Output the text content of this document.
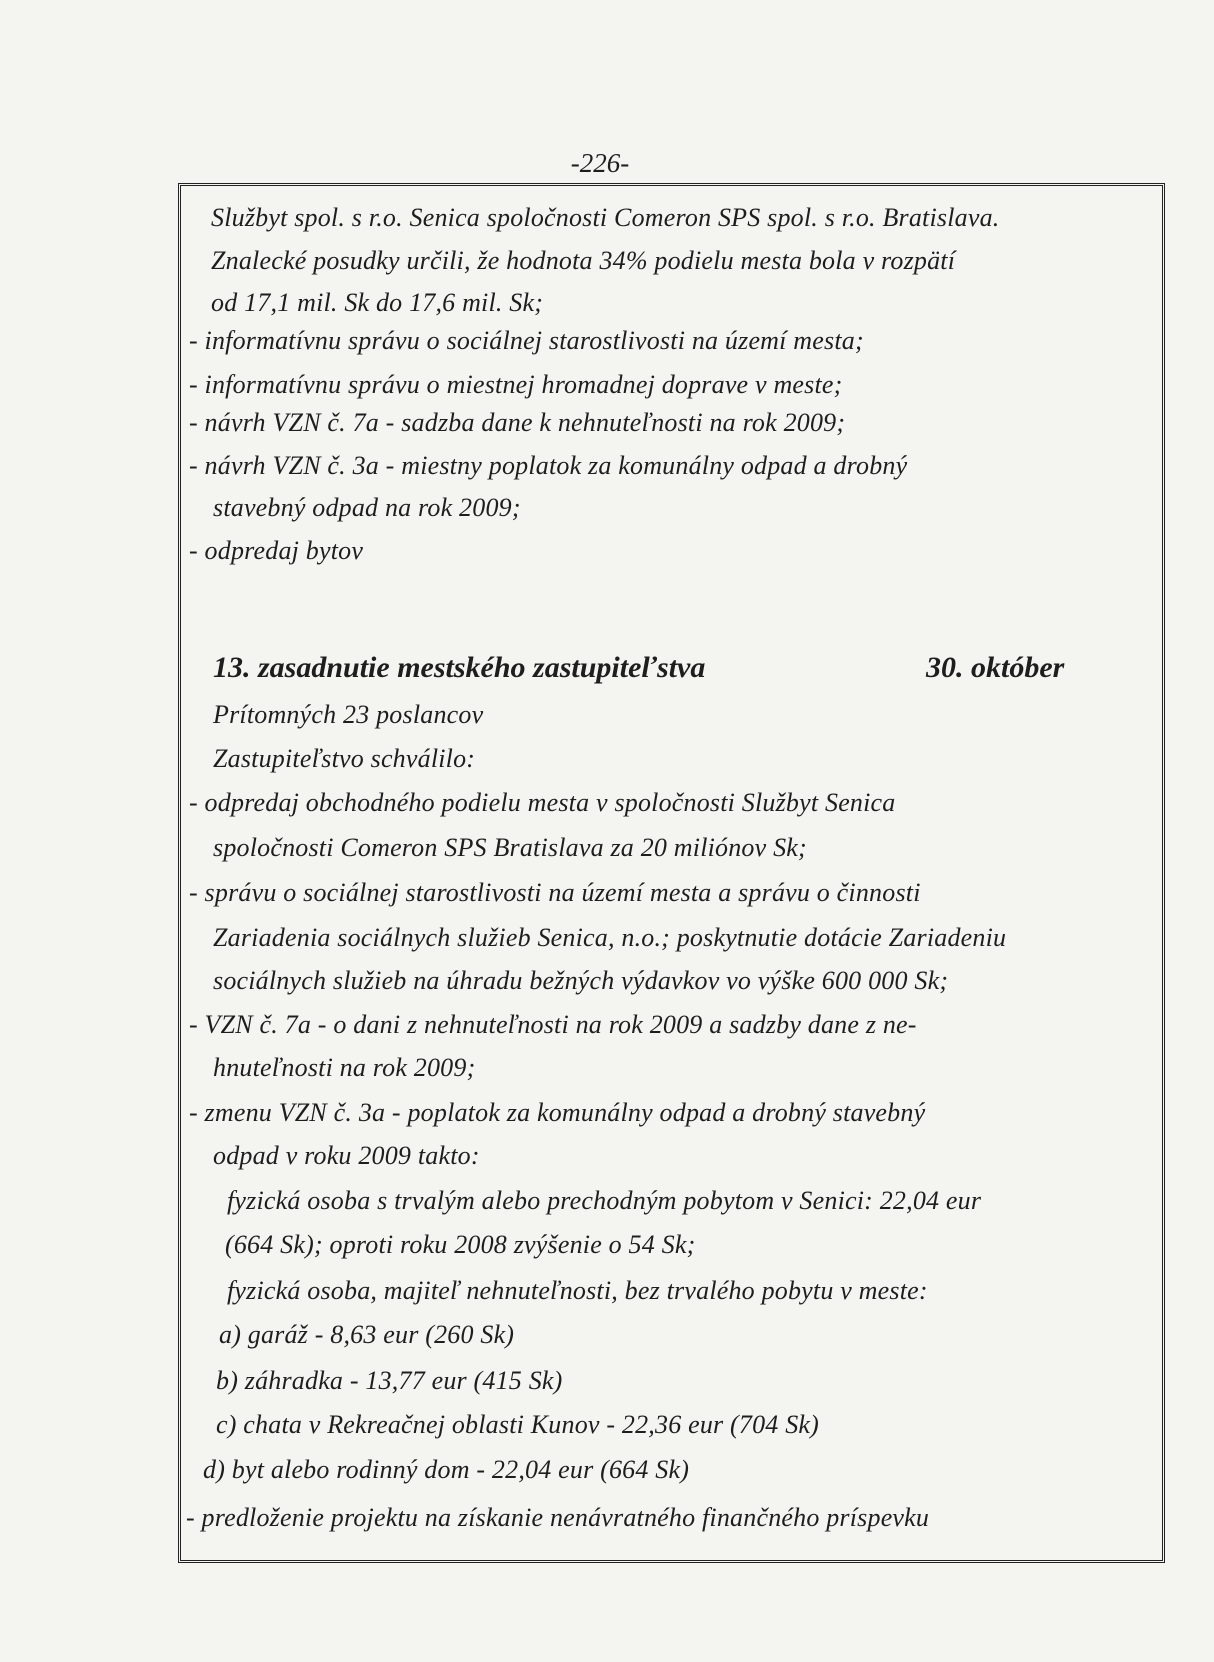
-226-
Službyt spol. s r.o. Senica spoločnosti Comeron SPS spol. s r.o. Bratislava.
Znalecké posudky určili, že hodnota 34% podielu mesta bola v rozpätí
od 17,1 mil. Sk do 17,6 mil. Sk;
- informatívnu správu o sociálnej starostlivosti na území mesta;
- informatívnu správu o miestnej hromadnej doprave v meste;
- návrh VZN č. 7a - sadzba dane k nehnuteľnosti na rok 2009;
- návrh VZN č. 3a - miestny poplatok za komunálny odpad a drobný
stavebný odpad na rok 2009;
- odpredaj bytov
13. zasadnutie mestského zastupiteľstva	30. október
Prítomných 23 poslancov
Zastupiteľstvo schválilo:
- odpredaj obchodného podielu mesta v spoločnosti Službyt Senica
spoločnosti Comeron SPS Bratislava za 20 miliónov Sk;
- správu o sociálnej starostlivosti na území mesta a správu o činnosti
Zariadenia sociálnych služieb Senica, n.o.; poskytnutie dotácie Zariadeniu
sociálnych služieb na úhradu bežných výdavkov vo výške 600 000 Sk;
- VZN č. 7a - o dani z nehnuteľnosti na rok 2009 a sadzby dane z ne-
hnuteľnosti na rok 2009;
- zmenu VZN č. 3a - poplatok za komunálny odpad a drobný stavebný
odpad v roku 2009 takto:
fyzická osoba s trvalým alebo prechodným pobytom v Senici: 22,04 eur
(664 Sk); oproti roku 2008 zvýšenie o 54 Sk;
fyzická osoba, majiteľ nehnuteľnosti, bez trvalého pobytu v meste:
a) garáž - 8,63 eur (260 Sk)
b) záhradka - 13,77 eur (415 Sk)
c) chata v Rekreačnej oblasti Kunov - 22,36 eur (704 Sk)
d) byt alebo rodinný dom - 22,04 eur (664 Sk)
- predloženie projektu na získanie nenávratného finančného príspevku
